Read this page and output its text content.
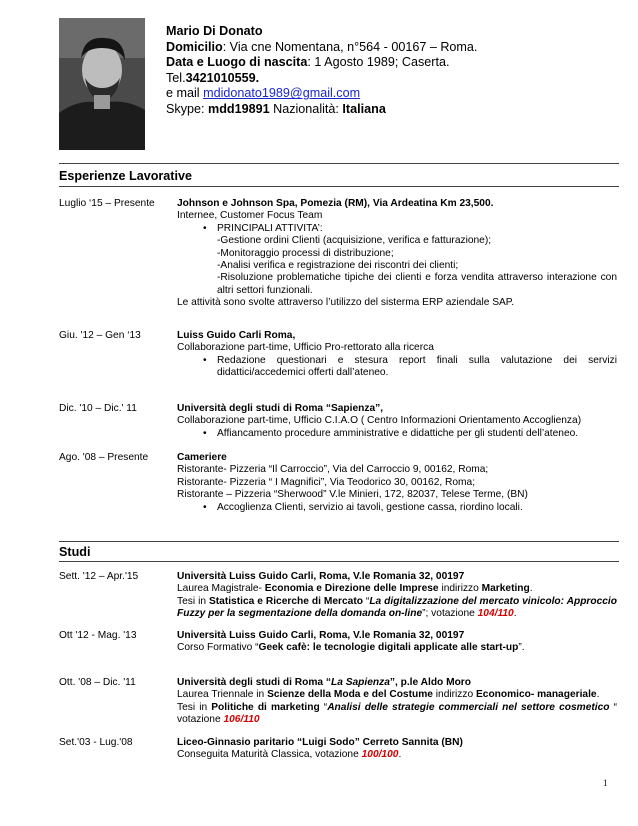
Mario Di Donato
Domicilio: Via cne Nomentana, n°564 - 00167 – Roma.
Data e Luogo di nascita: 1 Agosto 1989; Caserta.
Tel.3421010559.
e mail mdidonato1989@gmail.com
Skype: mdd19891 Nazionalità: Italiana
Esperienze Lavorative
Luglio ‘15 – Presente	Johnson e Johnson Spa, Pomezia (RM), Via Ardeatina Km 23,500.
Internee, Customer Focus Team
• PRINCIPALI ATTIVITA’:
-Gestione ordini Clienti (acquisizione, verifica e fatturazione);
-Monitoraggio processi di distribuzione;
-Analisi verifica e registrazione dei riscontri dei clienti;
-Risoluzione problematiche tipiche dei clienti e forza vendita attraverso interazione con altri settori funzionali.
Le attività sono svolte attraverso l’utilizzo del sisterma ERP aziendale SAP.
Giu. '12 – Gen ‘13	Luiss Guido Carli Roma,
Collaborazione part-time, Ufficio Pro-rettorato alla ricerca
• Redazione questionari e stesura report finali sulla valutazione dei servizi didattici/accedemici offerti dall’ateneo.
Dic. '10 – Dic.' 11	Università degli studi di Roma “Sapienza”,
Collaborazione part-time, Ufficio C.I.A.O ( Centro Informazioni Orientamento Accoglienza)
• Affiancamento procedure amministrative e didattiche per gli studenti dell’ateneo.
Ago. '08 – Presente	Cameriere
Ristorante- Pizzeria “Il Carroccio”, Via del Carroccio 9, 00162, Roma;
Ristorante- Pizzeria “ I Magnifici”, Via Teodorico 30, 00162, Roma;
Ristorante – Pizzeria “Sherwood” V.le Minieri, 172, 82037, Telese Terme, (BN)
• Accoglienza Clienti, servizio ai tavoli, gestione cassa, riordino locali.
Studi
Sett. '12 – Apr.'15	Università Luiss Guido Carli, Roma, V.le Romania 32, 00197
Laurea Magistrale- Economia e Direzione delle Imprese indirizzo Marketing.
Tesi in Statistica e Ricerche di Mercato “La digitalizzazione del mercato vinicolo: Approccio Fuzzy per la segmentazione della domanda on-line”; votazione 104/110.
Ott '12 - Mag. '13	Università Luiss Guido Carli, Roma, V.le Romania 32, 00197
Corso Formativo “Geek cafè: le tecnologie digitali applicate alle start-up”.
Ott. '08 – Dic. '11	Università degli studi di Roma “La Sapienza”, p.le Aldo Moro
Laurea Triennale in Scienze della Moda e del Costume indirizzo Economico- manageriale.
Tesi in Politiche di marketing “Analisi delle strategie commerciali nel settore cosmetico “ votazione 106/110
Set.'03 - Lug.'08	Liceo-Ginnasio paritario “Luigi Sodo” Cerreto Sannita (BN)
Conseguita Maturità Classica, votazione 100/100.
1
